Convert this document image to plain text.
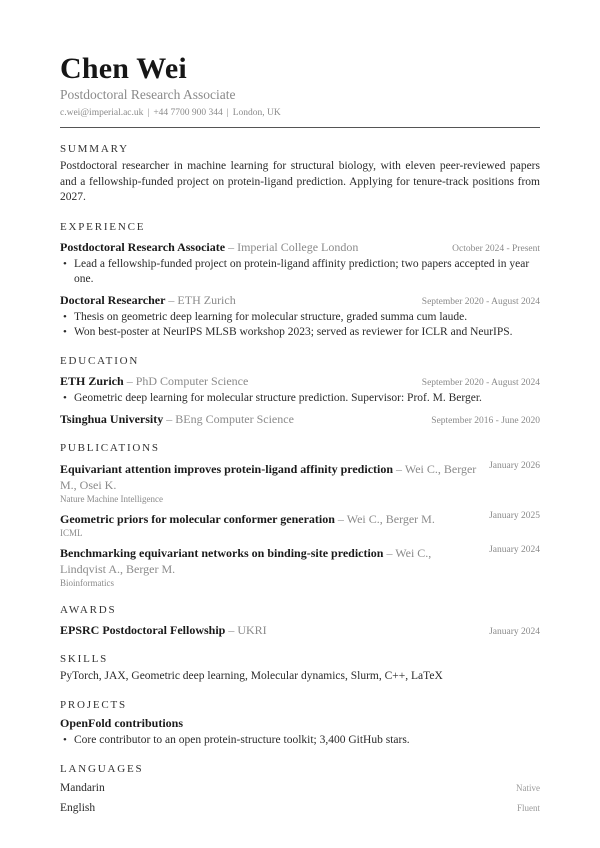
Chen Wei
Postdoctoral Research Associate
c.wei@imperial.ac.uk | +44 7700 900 344 | London, UK
SUMMARY

Postdoctoral researcher in machine learning for structural biology, with eleven peer-reviewed papers and a fellowship-funded project on protein-ligand prediction. Applying for tenure-track positions from 2027.

EXPERIENCE
Postdoctoral Research Associate – Imperial College London	October 2024 - Present
• Lead a fellowship-funded project on protein-ligand affinity prediction; two papers accepted in year one.
Doctoral Researcher – ETH Zurich	September 2020 - August 2024
• Thesis on geometric deep learning for molecular structure, graded summa cum laude.
• Won best-poster at NeurIPS MLSB workshop 2023; served as reviewer for ICLR and NeurIPS.
EDUCATION
ETH Zurich – PhD Computer Science	September 2020 - August 2024
• Geometric deep learning for molecular structure prediction. Supervisor: Prof. M. Berger.
Tsinghua University – BEng Computer Science	September 2016 - June 2020
PUBLICATIONS
Equivariant attention improves protein-ligand affinity prediction – Wei C., Berger M., Osei K.
January 2026
Nature Machine Intelligence
Geometric priors for molecular conformer generation – Wei C., Berger M.	January 2025
ICML
Benchmarking equivariant networks on binding-site prediction – Wei C., Lindqvist A., Berger M.
January 2024
Bioinformatics
AWARDS
EPSRC Postdoctoral Fellowship – UKRI	January 2024
SKILLS
PyTorch, JAX, Geometric deep learning, Molecular dynamics, Slurm, C++, LaTeX
PROJECTS
OpenFold contributions
• Core contributor to an open protein-structure toolkit; 3,400 GitHub stars.
LANGUAGES
Mandarin	Native
English	Fluent
